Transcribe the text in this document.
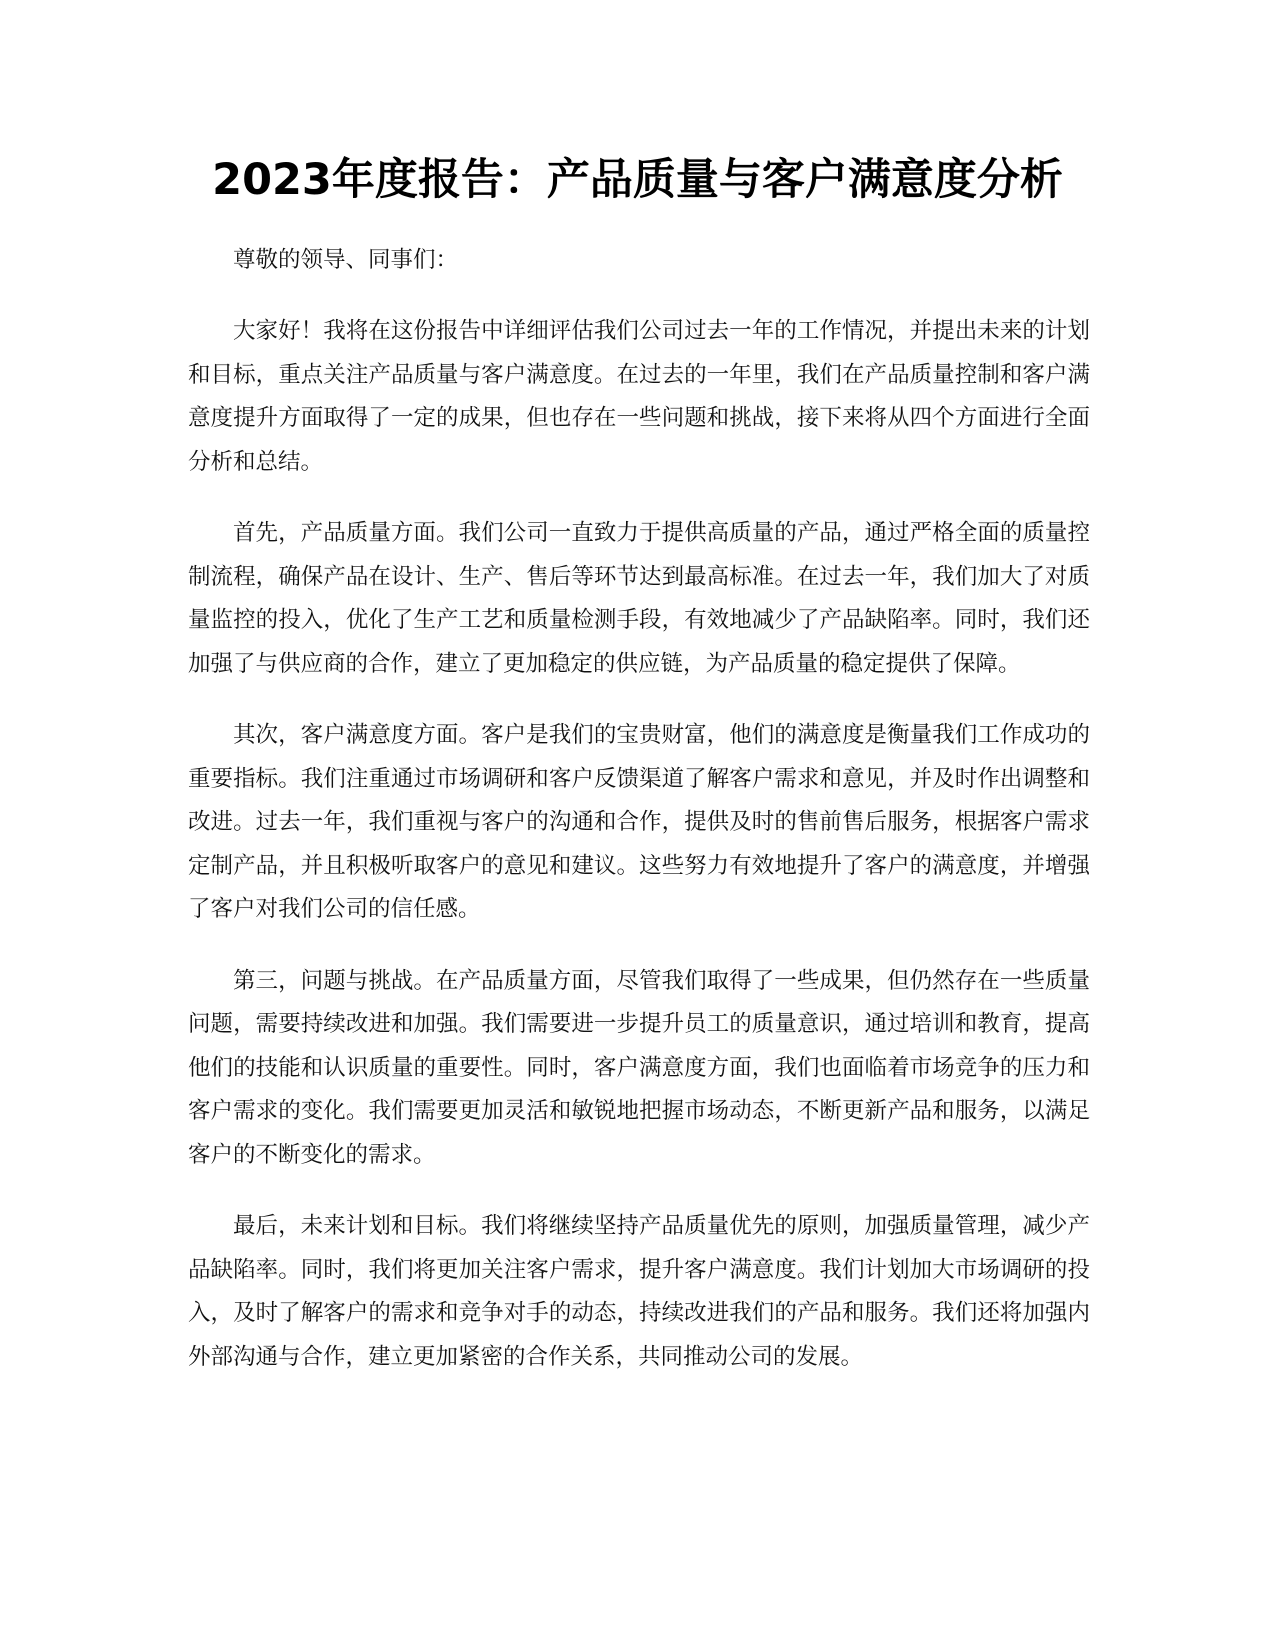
2023年度报告：产品质量与客户满意度分析

尊敬的领导、同事们：

大家好！我将在这份报告中详细评估我们公司过去一年的工作情况，并提出未来的计划和目标，重点关注产品质量与客户满意度。在过去的一年里，我们在产品质量控制和客户满意度提升方面取得了一定的成果，但也存在一些问题和挑战，接下来将从四个方面进行全面分析和总结。

首先，产品质量方面。我们公司一直致力于提供高质量的产品，通过严格全面的质量控制流程，确保产品在设计、生产、售后等环节达到最高标准。在过去一年，我们加大了对质量监控的投入，优化了生产工艺和质量检测手段，有效地减少了产品缺陷率。同时，我们还加强了与供应商的合作，建立了更加稳定的供应链，为产品质量的稳定提供了保障。

其次，客户满意度方面。客户是我们的宝贵财富，他们的满意度是衡量我们工作成功的重要指标。我们注重通过市场调研和客户反馈渠道了解客户需求和意见，并及时作出调整和改进。过去一年，我们重视与客户的沟通和合作，提供及时的售前售后服务，根据客户需求定制产品，并且积极听取客户的意见和建议。这些努力有效地提升了客户的满意度，并增强了客户对我们公司的信任感。

第三，问题与挑战。在产品质量方面，尽管我们取得了一些成果，但仍然存在一些质量问题，需要持续改进和加强。我们需要进一步提升员工的质量意识，通过培训和教育，提高他们的技能和认识质量的重要性。同时，客户满意度方面，我们也面临着市场竞争的压力和客户需求的变化。我们需要更加灵活和敏锐地把握市场动态，不断更新产品和服务，以满足客户的不断变化的需求。

最后，未来计划和目标。我们将继续坚持产品质量优先的原则，加强质量管理，减少产品缺陷率。同时，我们将更加关注客户需求，提升客户满意度。我们计划加大市场调研的投入，及时了解客户的需求和竞争对手的动态，持续改进我们的产品和服务。我们还将加强内外部沟通与合作，建立更加紧密的合作关系，共同推动公司的发展。
